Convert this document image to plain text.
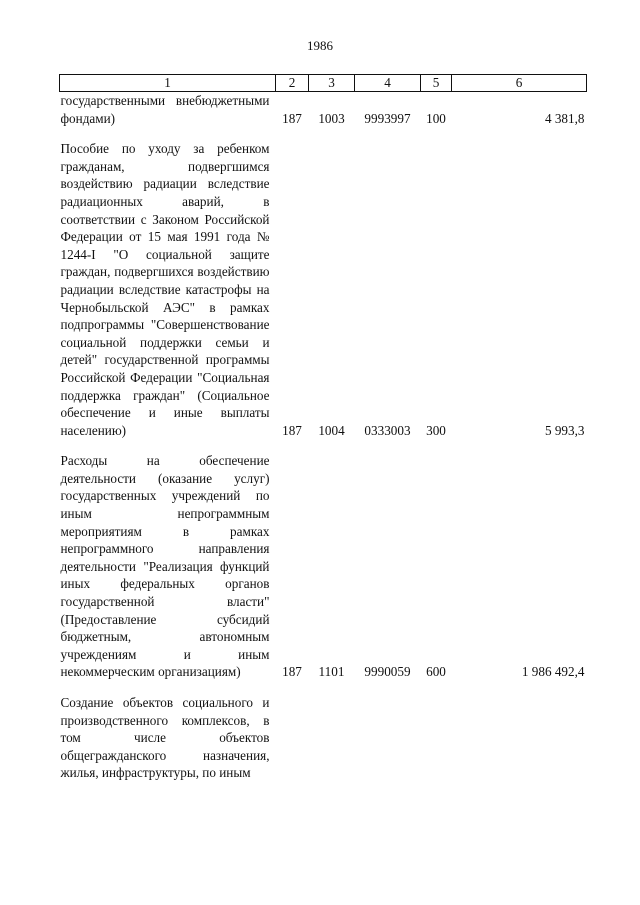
1986
1	2	3	4	5	6
государственными внебюджетными фондами)	187	1003	9993997	100	4 381,8

Пособие по уходу за ребенком гражданам, подвергшимся воздействию радиации вследствие радиационных аварий, в соответствии с Законом Российской Федерации от 15 мая 1991 года № 1244-I "О социальной защите граждан, подвергшихся воздействию радиации вследствие катастрофы на Чернобыльской АЭС" в рамках подпрограммы "Совершенствование социальной поддержки семьи и детей" государственной программы Российской Федерации "Социальная поддержка граждан" (Социальное обеспечение и иные выплаты населению)	187	1004	0333003	300	5 993,3

Расходы на обеспечение деятельности (оказание услуг) государственных учреждений по иным непрограммным мероприятиям в рамках непрограммного направления деятельности "Реализация функций иных федеральных органов государственной власти" (Предоставление субсидий бюджетным, автономным учреждениям и иным некоммерческим организациям)	187	1101	9990059	600	1 986 492,4

Создание объектов социального и производственного комплексов, в том числе объектов общегражданского назначения, жилья, инфраструктуры, по иным					
